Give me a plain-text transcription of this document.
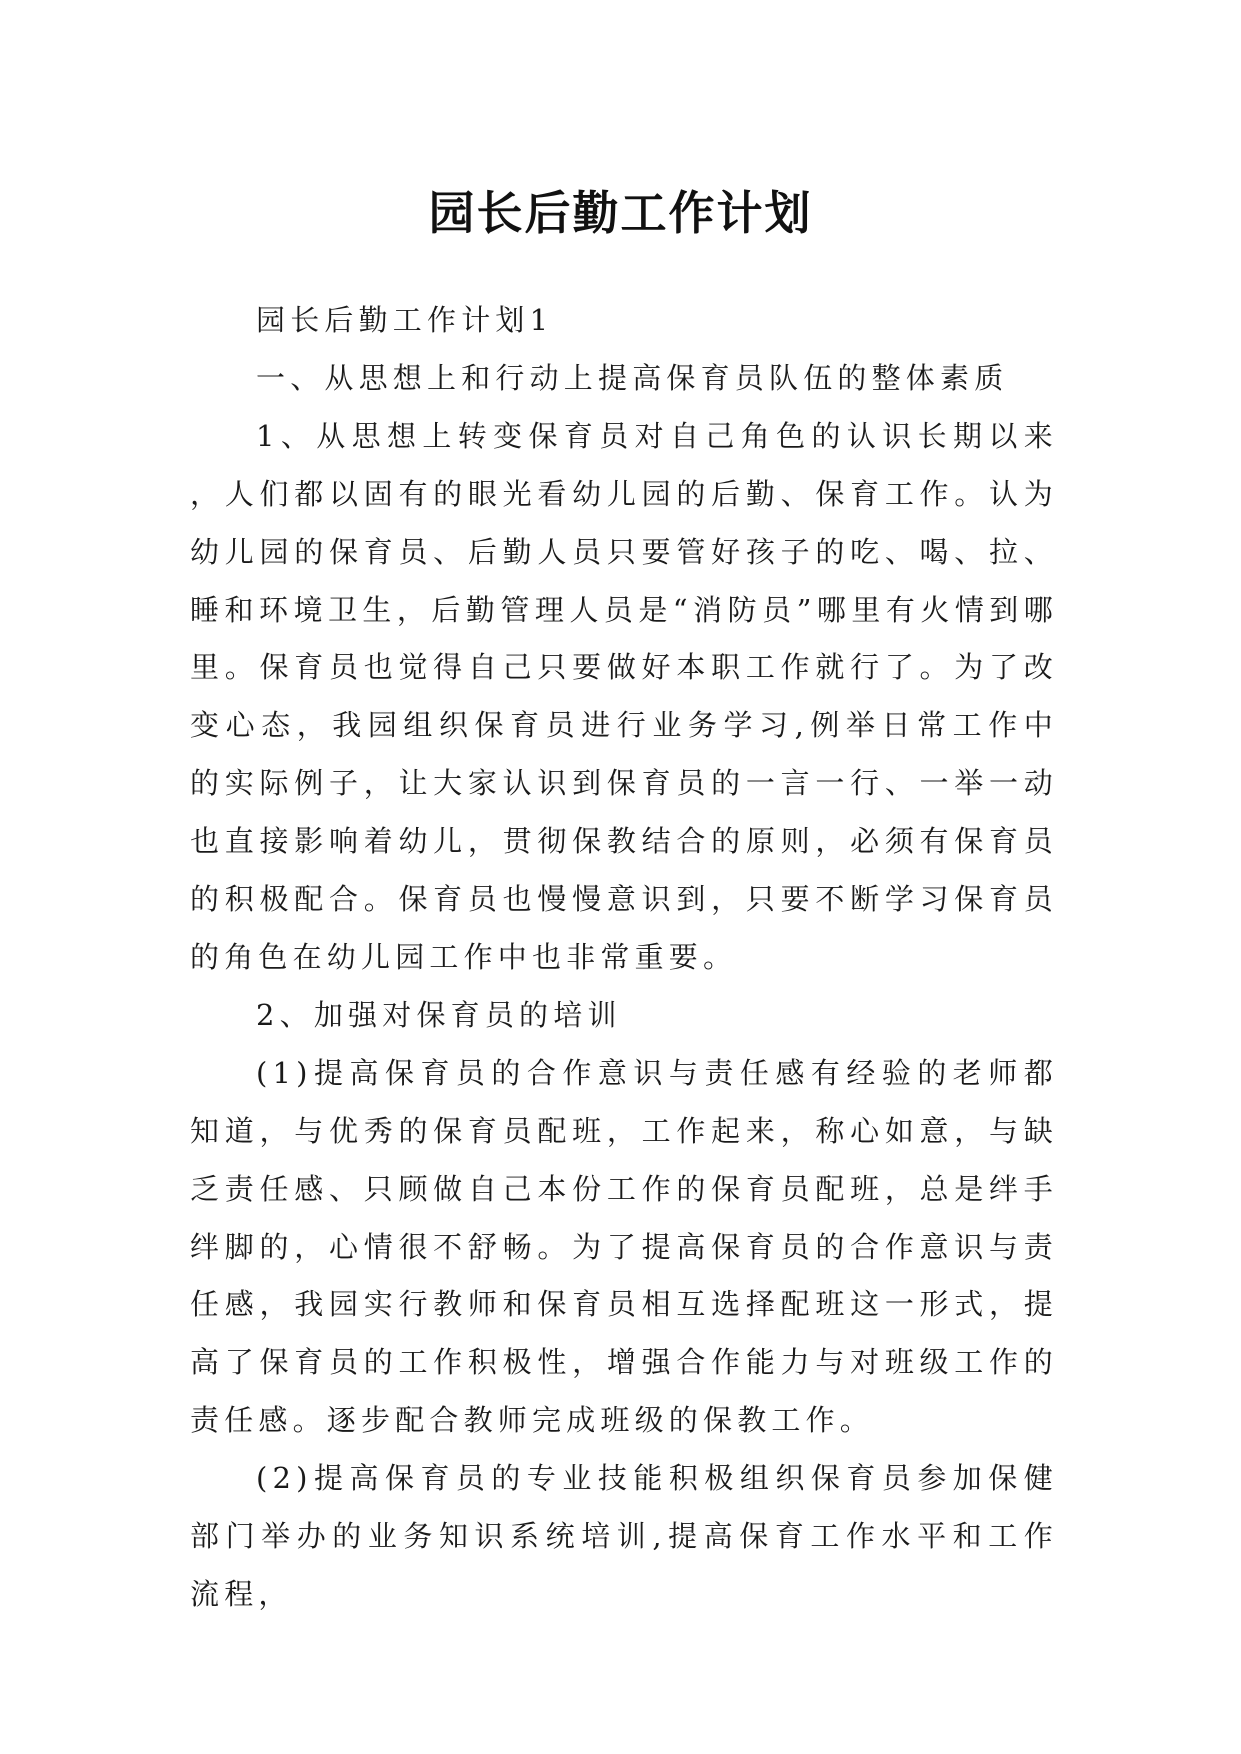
园长后勤工作计划

园长后勤工作计划1

一、从思想上和行动上提高保育员队伍的整体素质

1、从思想上转变保育员对自己角色的认识长期以来，人们都以固有的眼光看幼儿园的后勤、保育工作。认为幼儿园的保育员、后勤人员只要管好孩子的吃、喝、拉、睡和环境卫生，后勤管理人员是“消防员”哪里有火情到哪里。保育员也觉得自己只要做好本职工作就行了。为了改变心态，我园组织保育员进行业务学习,例举日常工作中的实际例子，让大家认识到保育员的一言一行、一举一动也直接影响着幼儿，贯彻保教结合的原则，必须有保育员的积极配合。保育员也慢慢意识到，只要不断学习保育员的角色在幼儿园工作中也非常重要。

2、加强对保育员的培训

(1)提高保育员的合作意识与责任感有经验的老师都知道，与优秀的保育员配班，工作起来，称心如意，与缺乏责任感、只顾做自己本份工作的保育员配班，总是绊手绊脚的，心情很不舒畅。为了提高保育员的合作意识与责任感，我园实行教师和保育员相互选择配班这一形式，提高了保育员的工作积极性，增强合作能力与对班级工作的责任感。逐步配合教师完成班级的保教工作。

(2)提高保育员的专业技能积极组织保育员参加保健部门举办的业务知识系统培训,提高保育工作水平和工作流程，
